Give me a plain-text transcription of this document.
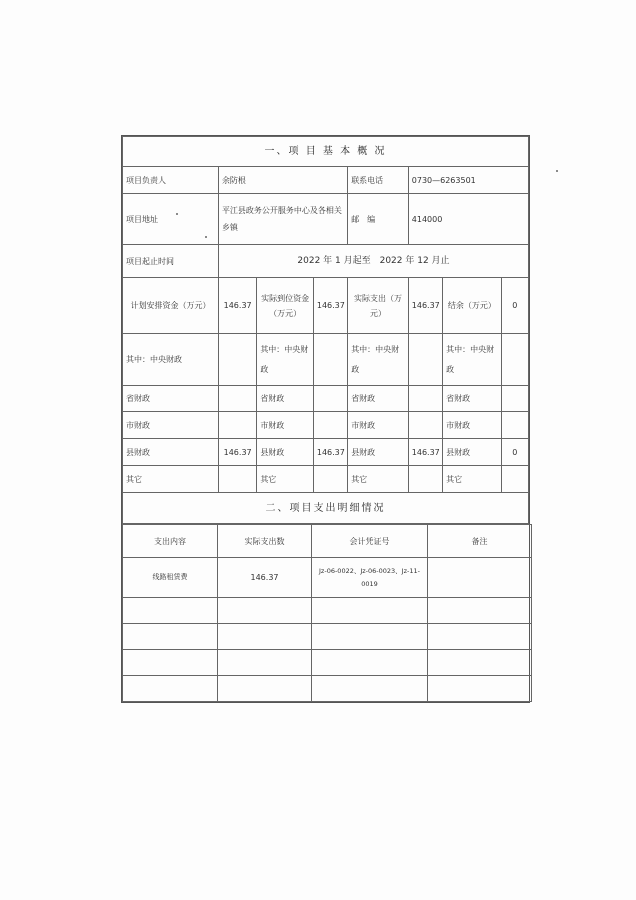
一、项 目 基 本 概 况							
项目负责人	余防根			联系电话	0730—6263501		
项目地址	平江县政务公开服务中心及各相关乡镇			邮　编	414000		
项目起止时间	2022 年 1 月起至　2022 年 12 月止						
计划安排资金（万元）	146.37	实际到位资金（万元）	146.37	实际支出（万元）	146.37	结余（万元）	0
其中：中央财政		其中：中央财政		其中：中央财政		其中：中央财政	
省财政		省财政		省财政		省财政	
市财政		市财政		市财政		市财政	
县财政	146.37	县财政	146.37	县财政	146.37	县财政	0
其它		其它		其它		其它	
二、项目支出明细情况							
支出内容	实际支出数	会计凭证号	备注
线路租赁费	146.37	Jz-06-0022、Jz-06-0023、Jz-11-0019	
